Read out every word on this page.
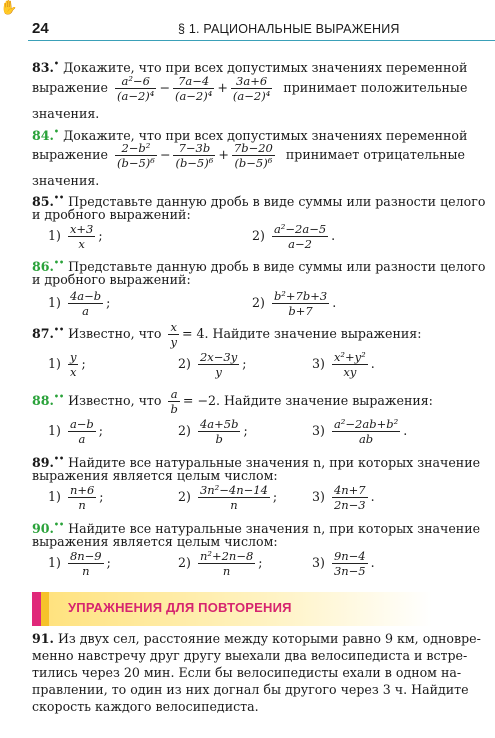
✋
24	§ 1. РАЦИОНАЛЬНЫЕ ВЫРАЖЕНИЯ
83.• Докажите, что при всех допустимых значениях переменной
выражение $\frac{\text{a²−6}}{\text{(a−2)⁴}} - \frac{7a-4}{\text{(a−2)⁴}} + \frac{3a+6}{\text{(a−2)⁴}}$ принимает положительные
значения.
84.• Докажите, что при всех допустимых значениях переменной
выражение $\frac{\text{2−b²}}{\text{(b−5)⁶}} - \frac{7-3b}{\text{(b−5)⁶}} + \frac{7b-20}{\text{(b−5)⁶}}$ принимает отрицательные
значения.
85.•• Представьте данную дробь в виде суммы или разности целого
и дробного выражений:
$1) \frac{x+3}{x}$ ;	$2) \frac{\text{a²−2a−5}}{a-2}$ .
86.•• Представьте данную дробь в виде суммы или разности целого
и дробного выражений:
$1) \frac{4a-b}{a}$ ;	$2) \frac{\text{b²+7b+3}}{b+7}$ .
87.•• Известно, что $\frac{x}{y} = 4$. Найдите значение выражения:
$1) \frac{y}{x}$ ;	$2) \frac{2x-3y}{y}$ ;	$3) \frac{\text{x²+y²}}{xy}$ .
88.•• Известно, что $\frac{a}{b} = -2$. Найдите значение выражения:
$1) \frac{a-b}{a}$ ;	$2) \frac{4a+5b}{b}$ ;	$3) \frac{\text{a²−2ab+b²}}{ab}$ .
89.•• Найдите все натуральные значения n, при которых значение
выражения является целым числом:
$1) \frac{n+6}{n}$ ;	$2) \frac{\text{3n²−4n−14}}{n}$ ;	$3) \frac{4n+7}{2n-3}$ .
90.•• Найдите все натуральные значения n, при которых значение
выражения является целым числом:
$1) \frac{8n-9}{n}$ ;	$2) \frac{\text{n²+2n−8}}{n}$ ;	$3) \frac{9n-4}{3n-5}$ .
УПРАЖНЕНИЯ ДЛЯ ПОВТОРЕНИЯ
91. Из двух сел, расстояние между которыми равно 9 км, одновре-
менно навстречу друг другу выехали два велосипедиста и встре-
тились через 20 мин. Если бы велосипедисты ехали в одном на-
правлении, то один из них догнал бы другого через 3 ч. Найдите
скорость каждого велосипедиста.
